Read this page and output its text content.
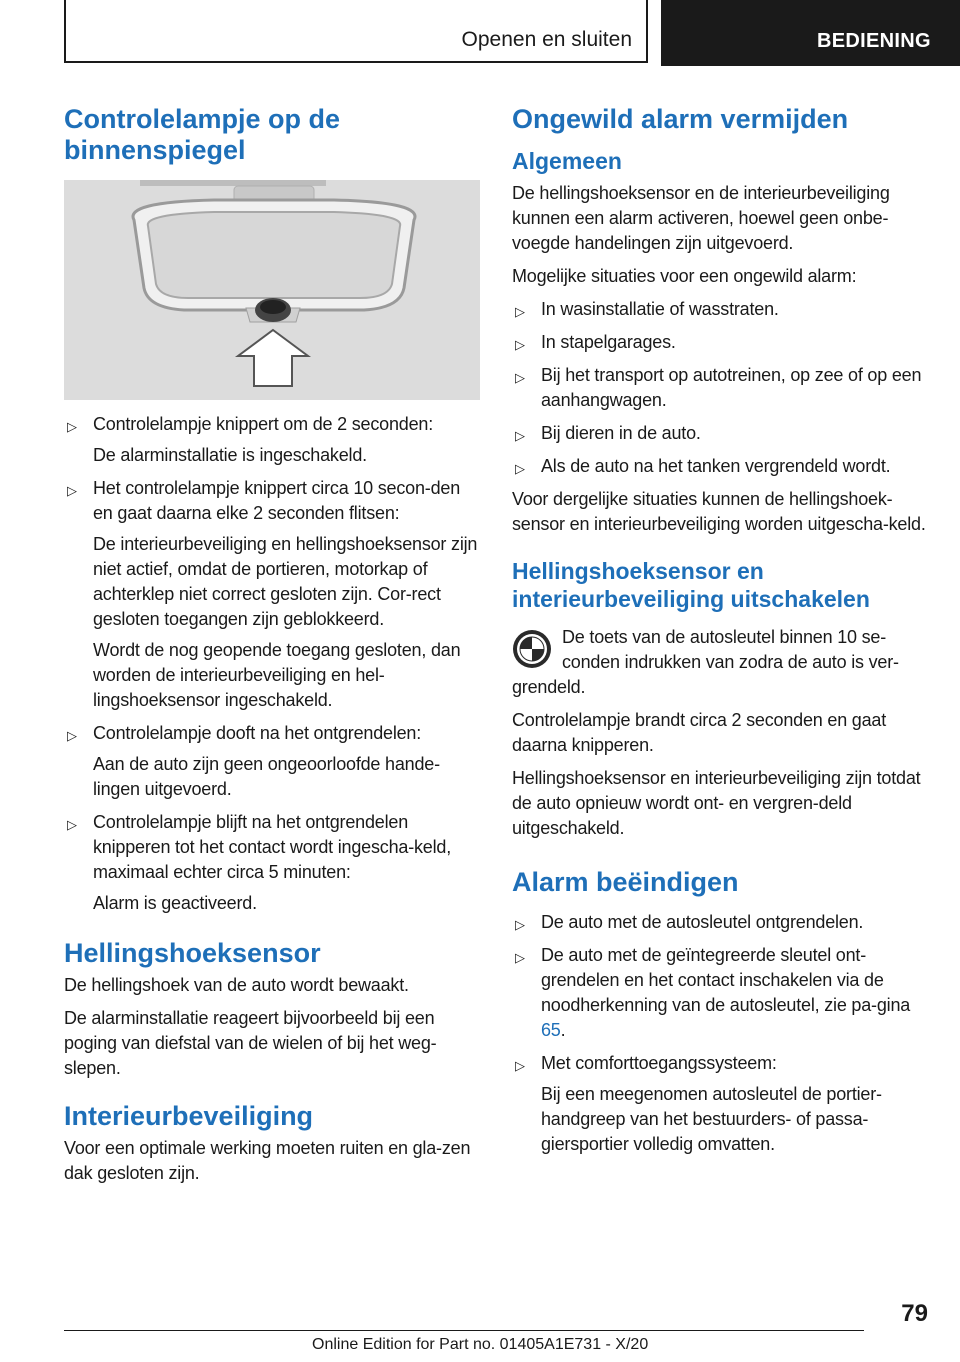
Openen en sluiten	BEDIENING
Controlelampje op de binnenspiegel
▷ Controlelampje knippert om de 2 seconden:

De alarminstallatie is ingeschakeld.

▷ Het controlelampje knippert circa 10 secon‐den en gaat daarna elke 2 seconden flitsen:

De interieurbeveiliging en hellingshoeksensor zijn niet actief, omdat de portieren, motorkap of achterklep niet correct gesloten zijn. Cor‐rect gesloten toegangen zijn geblokkeerd.

Wordt de nog geopende toegang gesloten, dan worden de interieurbeveiliging en hel‐lingshoeksensor ingeschakeld.

▷ Controlelampje dooft na het ontgrendelen:

Aan de auto zijn geen ongeoorloofde hande‐lingen uitgevoerd.

▷ Controlelampje blijft na het ontgrendelen knipperen tot het contact wordt ingescha‐keld, maximaal echter circa 5 minuten:

Alarm is geactiveerd.

Hellingshoeksensor

De hellingshoek van de auto wordt bewaakt.

De alarminstallatie reageert bijvoorbeeld bij een poging van diefstal van de wielen of bij het weg‐slepen.

Interieurbeveiliging

Voor een optimale werking moeten ruiten en gla‐zen dak gesloten zijn.

Ongewild alarm vermijden
Algemeen

De hellingshoeksensor en de interieurbeveiliging kunnen een alarm activeren, hoewel geen onbe‐voegde handelingen zijn uitgevoerd.

Mogelijke situaties voor een ongewild alarm:

▷ In wasinstallatie of wasstraten.

▷ In stapelgarages.

▷ Bij het transport op autotreinen, op zee of op een aanhangwagen.

▷ Bij dieren in de auto.

▷ Als de auto na het tanken vergrendeld wordt.

Voor dergelijke situaties kunnen de hellingshoek‐sensor en interieurbeveiliging worden uitgescha‐keld.

Hellingshoeksensor en interieurbeveiliging uitschakelen

De toets van de autosleutel binnen 10 se‐conden indrukken van zodra de auto is ver‐

grendeld.

Controlelampje brandt circa 2 seconden en gaat daarna knipperen.

Hellingshoeksensor en interieurbeveiliging zijn totdat de auto opnieuw wordt ont- en vergren‐deld uitgeschakeld.

Alarm beëindigen
▷ De auto met de autosleutel ontgrendelen.

▷ De auto met de geïntegreerde sleutel ont‐grendelen en het contact inschakelen via de noodherkenning van de autosleutel, zie pa‐gina 65.

▷ Met comforttoegangssysteem:

Bij een meegenomen autosleutel de portier‐handgreep van het bestuurders- of passa‐giersportier volledig omvatten.

79
Online Edition for Part no. 01405A1E731 - X/20
